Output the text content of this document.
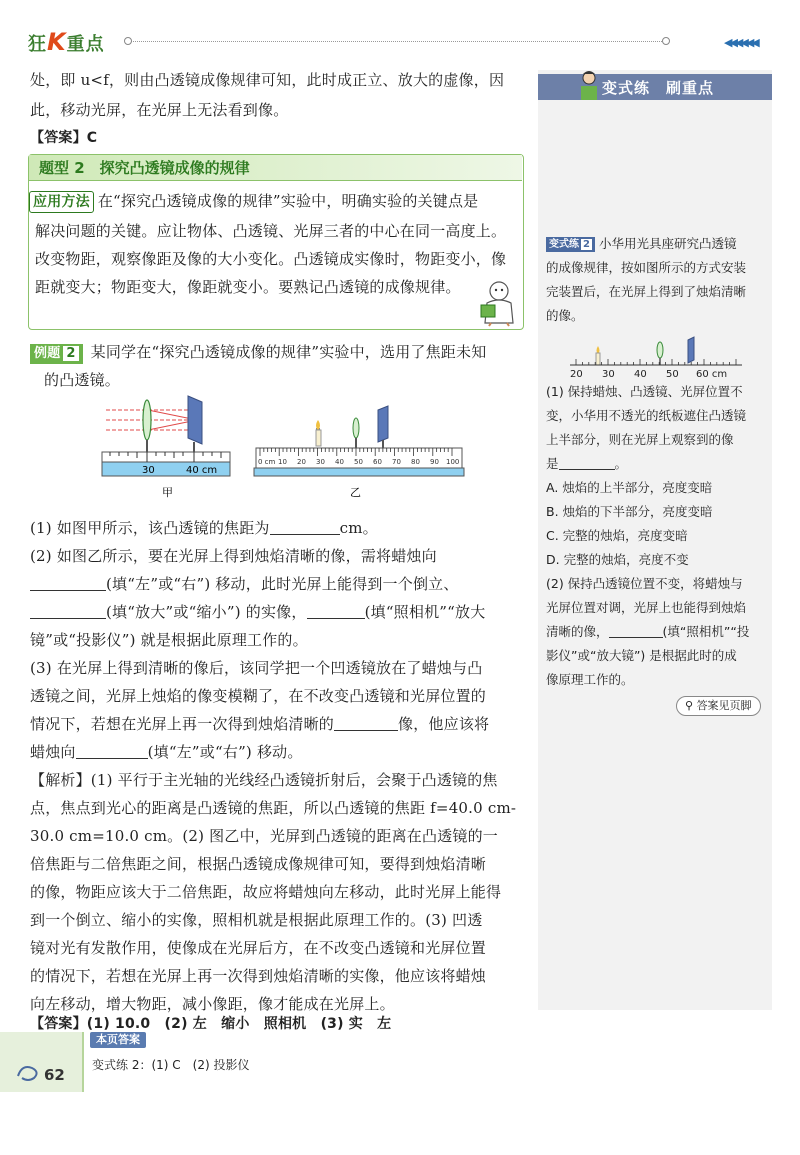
狂K重点	◀◀◀◀◀◀
处，即 u<f，则由凸透镜成像规律可知，此时成正立、放大的虚像，因
此，移动光屏，在光屏上无法看到像。
【答案】C
题型 2　探究凸透镜成像的规律
应用方法 在“探究凸透镜成像的规律”实验中，明确实验的关键点是
解决问题的关键。应让物体、凸透镜、光屏三者的中心在同一高度上。
改变物距，观察像距及像的大小变化。凸透镜成实像时，物距变小，像
距就变大；物距变大，像距就变小。要熟记凸透镜的成像规律。
例题 2 某同学在“探究凸透镜成像的规律”实验中，选用了焦距未知
的凸透镜。
30	40 cm
甲
0 cm 10 20 30 40 50 60 70 80 90 100
乙
(1) 如图甲所示，该凸透镜的焦距为	cm。
(2) 如图乙所示，要在光屏上得到烛焰清晰的像，需将蜡烛向
(填“左”或“右”) 移动，此时光屏上能得到一个倒立、
(填“放大”或“缩小”) 的实像，	(填“照相机”“放大
镜”或“投影仪”) 就是根据此原理工作的。
(3) 在光屏上得到清晰的像后，该同学把一个凹透镜放在了蜡烛与凸
透镜之间，光屏上烛焰的像变模糊了，在不改变凸透镜和光屏位置的
情况下，若想在光屏上再一次得到烛焰清晰的	像，他应该将
蜡烛向	(填“左”或“右”) 移动。
【解析】(1) 平行于主光轴的光线经凸透镜折射后，会聚于凸透镜的焦
点，焦点到光心的距离是凸透镜的焦距，所以凸透镜的焦距 f=40.0 cm-
30.0 cm=10.0 cm。(2) 图乙中，光屏到凸透镜的距离在凸透镜的一
倍焦距与二倍焦距之间，根据凸透镜成像规律可知，要得到烛焰清晰
的像，物距应该大于二倍焦距，故应将蜡烛向左移动，此时光屏上能得
到一个倒立、缩小的实像，照相机就是根据此原理工作的。(3) 凹透
镜对光有发散作用，使像成在光屏后方，在不改变凸透镜和光屏位置
的情况下，若想在光屏上再一次得到烛焰清晰的实像，他应该将蜡烛
向左移动，增大物距，减小像距，像才能成在光屏上。
【答案】(1) 10.0　(2) 左　缩小　照相机　(3) 实　左
变式练　刷重点
变式练 2 小华用光具座研究凸透镜
的成像规律，按如图所示的方式安装
完装置后，在光屏上得到了烛焰清晰
的像。
20 30 40 50 60 cm
(1) 保持蜡烛、凸透镜、光屏位置不
变，小华用不透光的纸板遮住凸透镜
上半部分，则在光屏上观察到的像
是	。
A. 烛焰的上半部分，亮度变暗
B. 烛焰的下半部分，亮度变暗
C. 完整的烛焰，亮度变暗
D. 完整的烛焰，亮度不变
(2) 保持凸透镜位置不变，将蜡烛与
光屏位置对调，光屏上也能得到烛焰
清晰的像，	(填“照相机”“投
影仪”或“放大镜”) 是根据此时的成
像原理工作的。
⚲ 答案见页脚
62
本页答案
变式练 2：(1) C　(2) 投影仪
